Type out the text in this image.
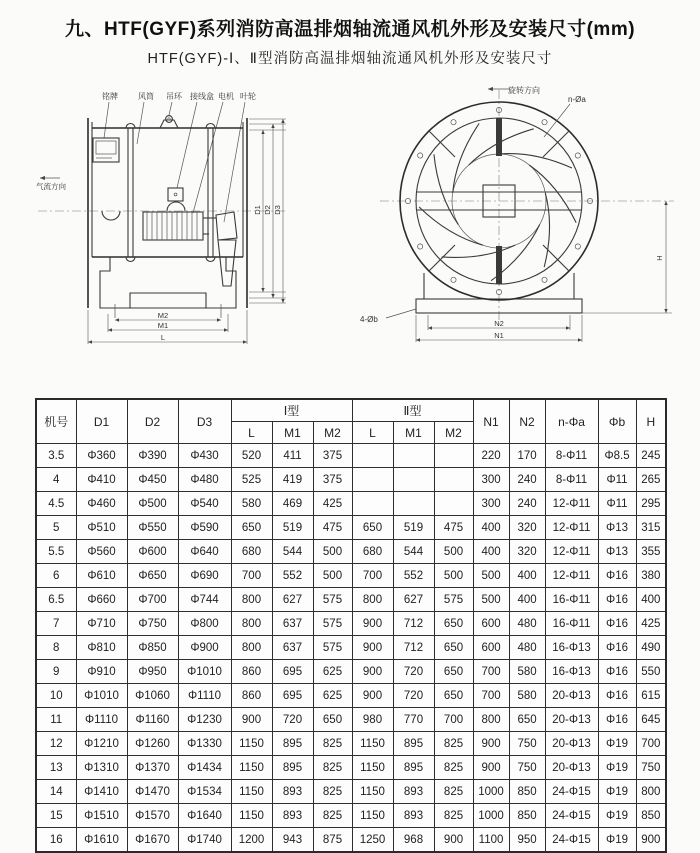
九、HTF(GYF)系列消防高温排烟轴流通风机外形及安装尺寸(mm)
HTF(GYF)-Ⅰ、Ⅱ型消防高温排烟轴流通风机外形及安装尺寸
铭牌	风筒 吊环 接线盒 电机 叶轮
气流方向
M2
M1
L
D1 D2 D3
旋转方向
n-Øa
4-Øb	N2
N1
H
机号	D1	D2	D3	Ⅰ型			Ⅱ型			N1	N2	n-Φa	Φb	H
				L	M1	M2	L	M1	M2					
3.5	Φ360	Φ390	Φ430	520	411	375				220	170	8-Φ11	Φ8.5	245
4	Φ410	Φ450	Φ480	525	419	375				300	240	8-Φ11	Φ11	265
4.5	Φ460	Φ500	Φ540	580	469	425				300	240	12-Φ11	Φ11	295
5	Φ510	Φ550	Φ590	650	519	475	650	519	475	400	320	12-Φ11	Φ13	315
5.5	Φ560	Φ600	Φ640	680	544	500	680	544	500	400	320	12-Φ11	Φ13	355
6	Φ610	Φ650	Φ690	700	552	500	700	552	500	500	400	12-Φ11	Φ16	380
6.5	Φ660	Φ700	Φ744	800	627	575	800	627	575	500	400	16-Φ11	Φ16	400
7	Φ710	Φ750	Φ800	800	637	575	900	712	650	600	480	16-Φ11	Φ16	425
8	Φ810	Φ850	Φ900	800	637	575	900	712	650	600	480	16-Φ13	Φ16	490
9	Φ910	Φ950	Φ1010	860	695	625	900	720	650	700	580	16-Φ13	Φ16	550
10	Φ1010	Φ1060	Φ1110	860	695	625	900	720	650	700	580	20-Φ13	Φ16	615
11	Φ1110	Φ1160	Φ1230	900	720	650	980	770	700	800	650	20-Φ13	Φ16	645
12	Φ1210	Φ1260	Φ1330	1150	895	825	1150	895	825	900	750	20-Φ13	Φ19	700
13	Φ1310	Φ1370	Φ1434	1150	895	825	1150	895	825	900	750	20-Φ13	Φ19	750
14	Φ1410	Φ1470	Φ1534	1150	893	825	1150	893	825	1000	850	24-Φ15	Φ19	800
15	Φ1510	Φ1570	Φ1640	1150	893	825	1150	893	825	1000	850	24-Φ15	Φ19	850
16	Φ1610	Φ1670	Φ1740	1200	943	875	1250	968	900	1100	950	24-Φ15	Φ19	900
